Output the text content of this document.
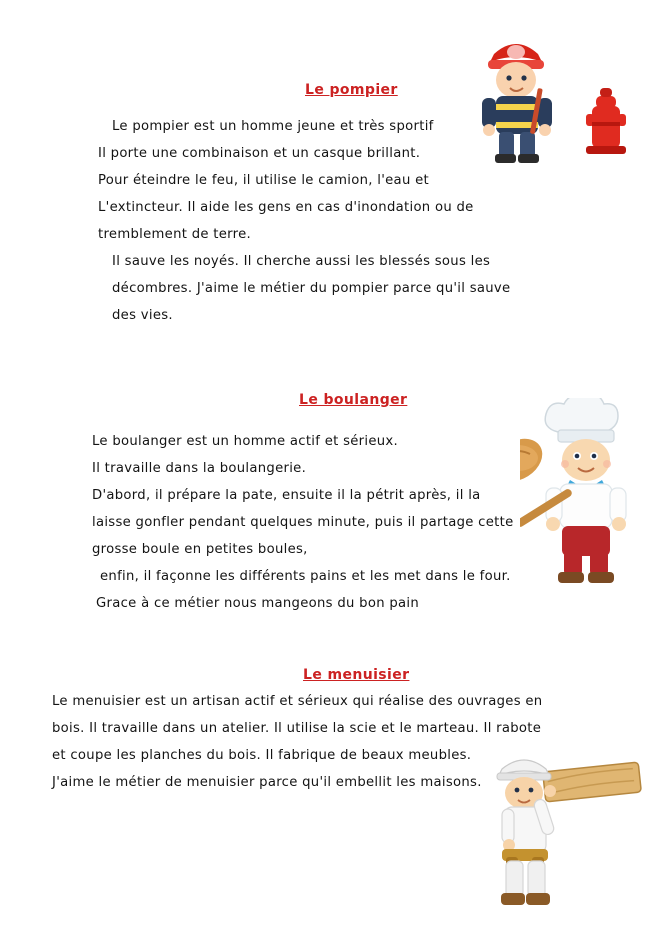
Le pompier

Le pompier est un homme jeune et très sportif

Il porte une combinaison et un casque brillant.

Pour éteindre le feu, il utilise le camion, l'eau et

L'extincteur. Il aide les gens en cas d'inondation ou de

tremblement de terre.

Il sauve les noyés. Il cherche aussi les blessés sous les

décombres. J'aime le métier du pompier parce qu'il sauve

des vies.

Le boulanger

Le boulanger est un homme actif et sérieux.

Il travaille dans la boulangerie.

D'abord, il prépare la pate, ensuite il la pétrit après, il la

laisse gonfler pendant quelques minute, puis il partage cette

grosse boule en petites boules,

enfin, il façonne les différents pains et les met dans le four.

Grace à ce métier nous mangeons du bon pain

Le menuisier

Le menuisier est un artisan actif et sérieux qui réalise des ouvrages en

bois. Il travaille dans un atelier. Il utilise la scie et le marteau. Il rabote

et coupe les planches du bois. Il fabrique de beaux meubles.

J'aime le métier de menuisier parce qu'il embellit les maisons.
